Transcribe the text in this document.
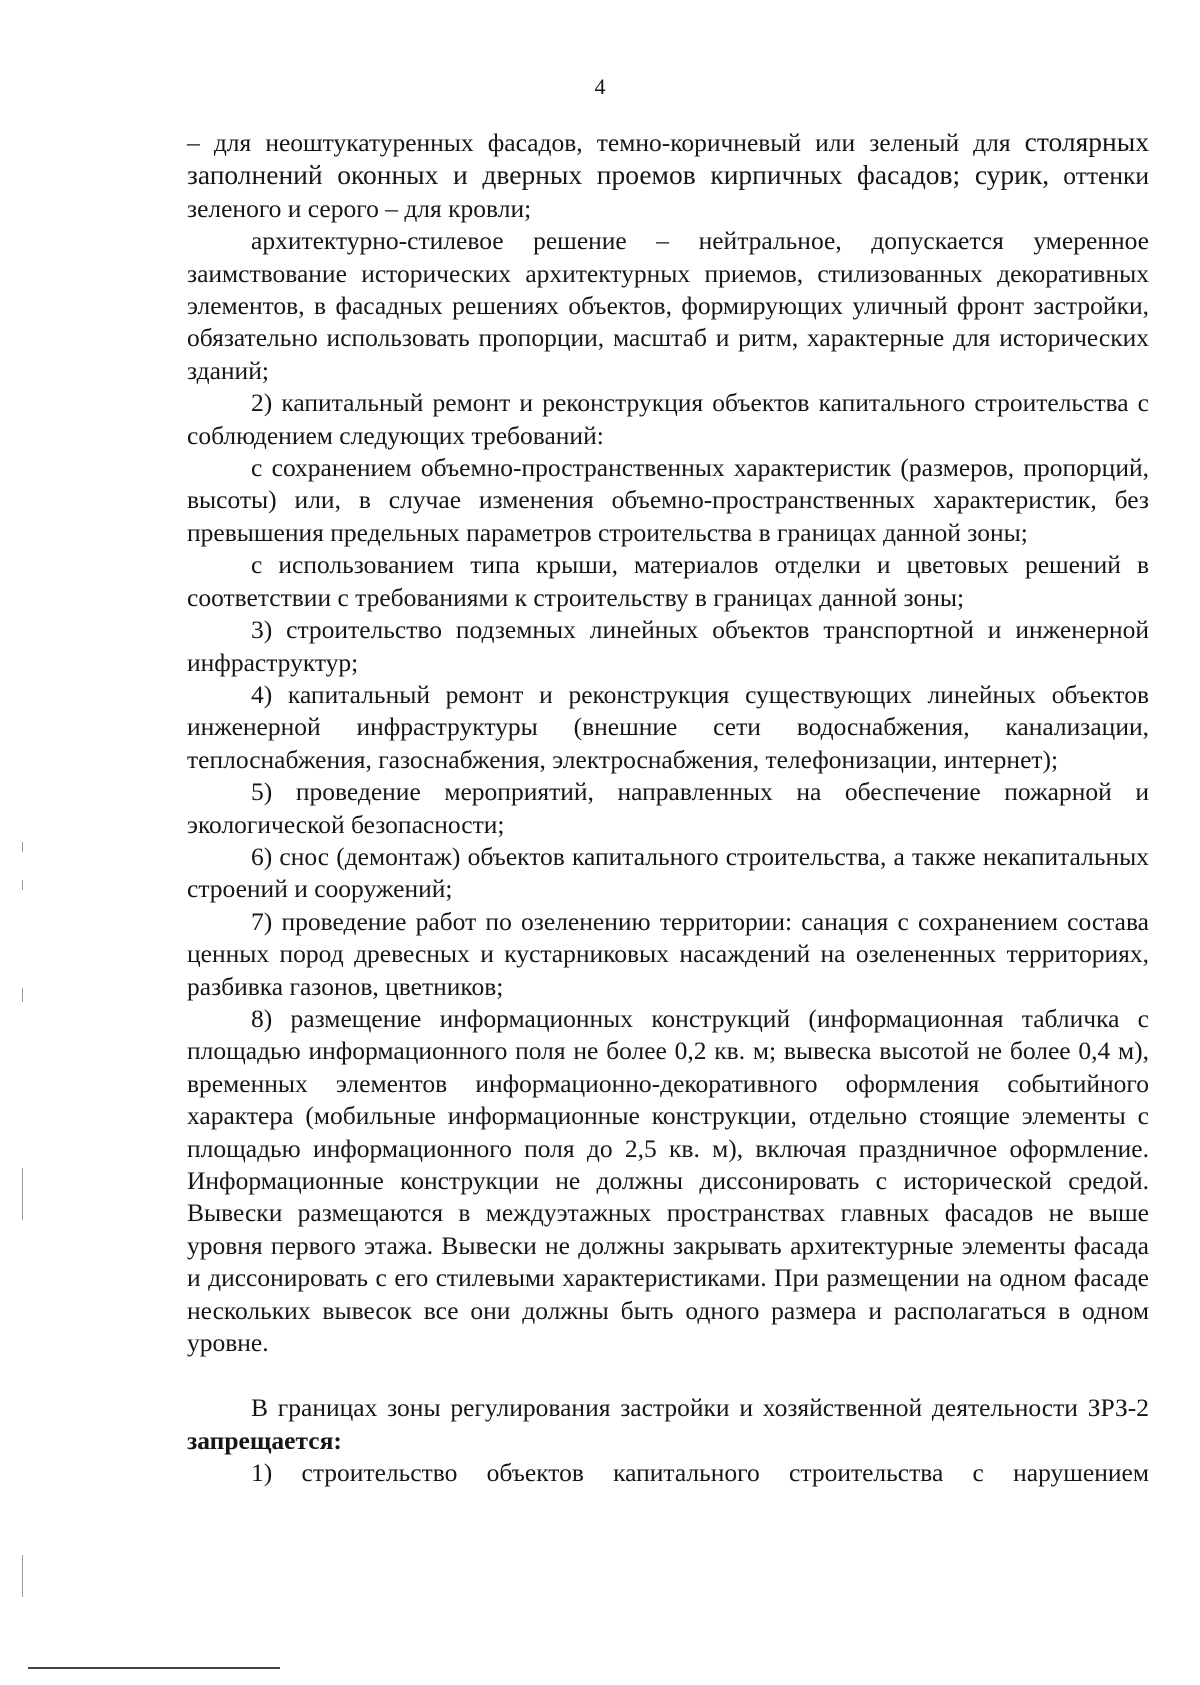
4

– для неоштукатуренных фасадов, темно-коричневый или зеленый для столярных заполнений оконных и дверных проемов кирпичных фасадов; сурик, оттенки зеленого и серого – для кровли;

архитектурно-стилевое решение – нейтральное, допускается умеренное заимствование исторических архитектурных приемов, стилизованных декоративных элементов, в фасадных решениях объектов, формирующих уличный фронт застройки, обязательно использовать пропорции, масштаб и ритм, характерные для исторических зданий;

2) капитальный ремонт и реконструкция объектов капитального строительства с соблюдением следующих требований:

с сохранением объемно-пространственных характеристик (размеров, пропорций, высоты) или, в случае изменения объемно-пространственных характеристик, без превышения предельных параметров строительства в границах данной зоны;

с использованием типа крыши, материалов отделки и цветовых решений в соответствии с требованиями к строительству в границах данной зоны;

3) строительство подземных линейных объектов транспортной и инженерной инфраструктур;

4) капитальный ремонт и реконструкция существующих линейных объектов инженерной инфраструктуры (внешние сети водоснабжения, канализации, теплоснабжения, газоснабжения, электроснабжения, телефонизации, интернет);

5) проведение мероприятий, направленных на обеспечение пожарной и экологической безопасности;

6) снос (демонтаж) объектов капитального строительства, а также некапитальных строений и сооружений;

7) проведение работ по озеленению территории: санация с сохранением состава ценных пород древесных и кустарниковых насаждений на озелененных территориях, разбивка газонов, цветников;

8) размещение информационных конструкций (информационная табличка с площадью информационного поля не более 0,2 кв. м; вывеска высотой не более 0,4 м), временных элементов информационно-декоративного оформления событийного характера (мобильные информационные конструкции, отдельно стоящие элементы с площадью информационного поля до 2,5 кв. м), включая праздничное оформление. Информационные конструкции не должны диссонировать с исторической средой. Вывески размещаются в междуэтажных пространствах главных фасадов не выше уровня первого этажа. Вывески не должны закрывать архитектурные элементы фасада и диссонировать с его стилевыми характеристиками. При размещении на одном фасаде нескольких вывесок все они должны быть одного размера и располагаться в одном уровне.

В границах зоны регулирования застройки и хозяйственной деятельности ЗРЗ-2 запрещается:

1) строительство объектов капитального строительства с нарушением
